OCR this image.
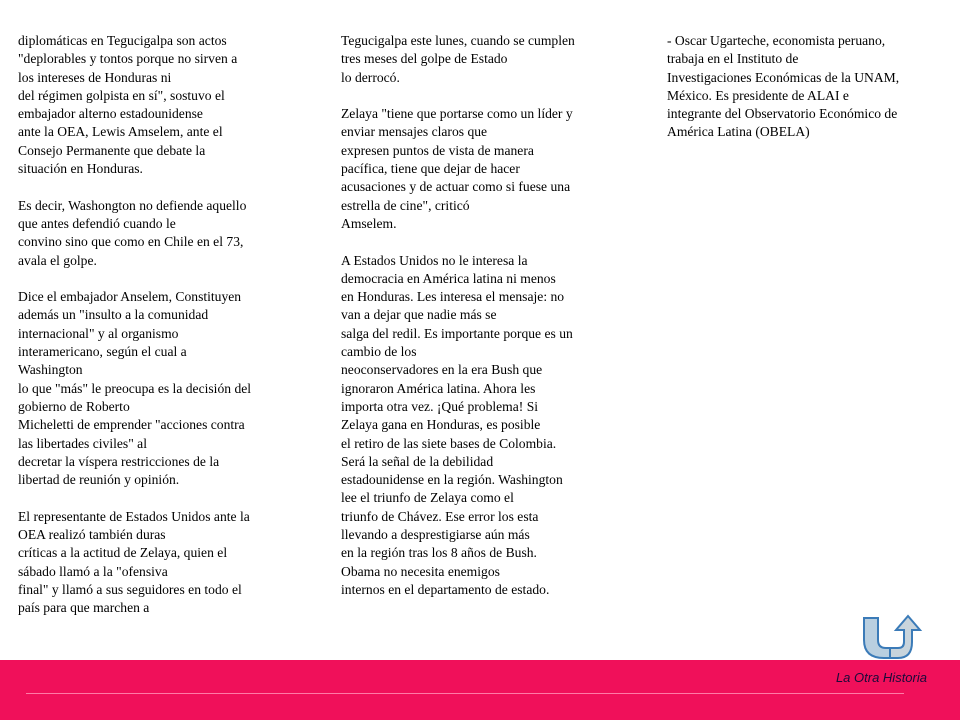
diplomáticas en Tegucigalpa son actos
"deplorables y tontos porque no sirven a
los intereses de Honduras ni
del régimen golpista en sí", sostuvo el
embajador alterno estadounidense
ante la OEA, Lewis Amselem, ante el
Consejo Permanente que debate la
situación en Honduras.

Es decir, Washongton no defiende aquello
que antes defendió cuando le
convino sino que como en Chile en el 73,
avala el golpe.

Dice el embajador Anselem, Constituyen
además un "insulto a la comunidad
internacional" y al organismo
interamericano, según el cual a
Washington
lo que "más" le preocupa es la decisión del
gobierno de Roberto
Micheletti de emprender "acciones contra
las libertades civiles" al
decretar la víspera restricciones de la
libertad de reunión y opinión.

El representante de Estados Unidos ante la
OEA realizó también duras
críticas a la actitud de Zelaya, quien el
sábado llamó a la "ofensiva
final" y llamó a sus seguidores en todo el
país para que marchen a

Tegucigalpa este lunes, cuando se cumplen
tres meses del golpe de Estado
lo derrocó.

Zelaya "tiene que portarse como un líder y
enviar mensajes claros que
expresen puntos de vista de manera
pacífica, tiene que dejar de hacer
acusaciones y de actuar como si fuese una
estrella de cine", criticó
Amselem.

A Estados Unidos no le interesa la
democracia en América latina ni menos
en Honduras. Les interesa el mensaje: no
van a dejar que nadie más se
salga del redil. Es importante porque es un
cambio de los
neoconservadores en la era Bush que
ignoraron América latina. Ahora les
importa otra vez. ¡Qué problema! Si
Zelaya gana en Honduras, es posible
el retiro de las siete bases de Colombia.
Será la señal de la debilidad
estadounidense en la región. Washington
lee el triunfo de Zelaya como el
triunfo de Chávez. Ese error los esta
llevando a desprestigiarse aún más
en la región tras los 8 años de Bush.
Obama no necesita enemigos
internos en el departamento de estado.

- Oscar Ugarteche, economista peruano,
trabaja en el Instituto de
Investigaciones Económicas de la UNAM,
México. Es presidente de ALAI e
integrante del Observatorio Económico de
América Latina (OBELA)

La Otra Historia
